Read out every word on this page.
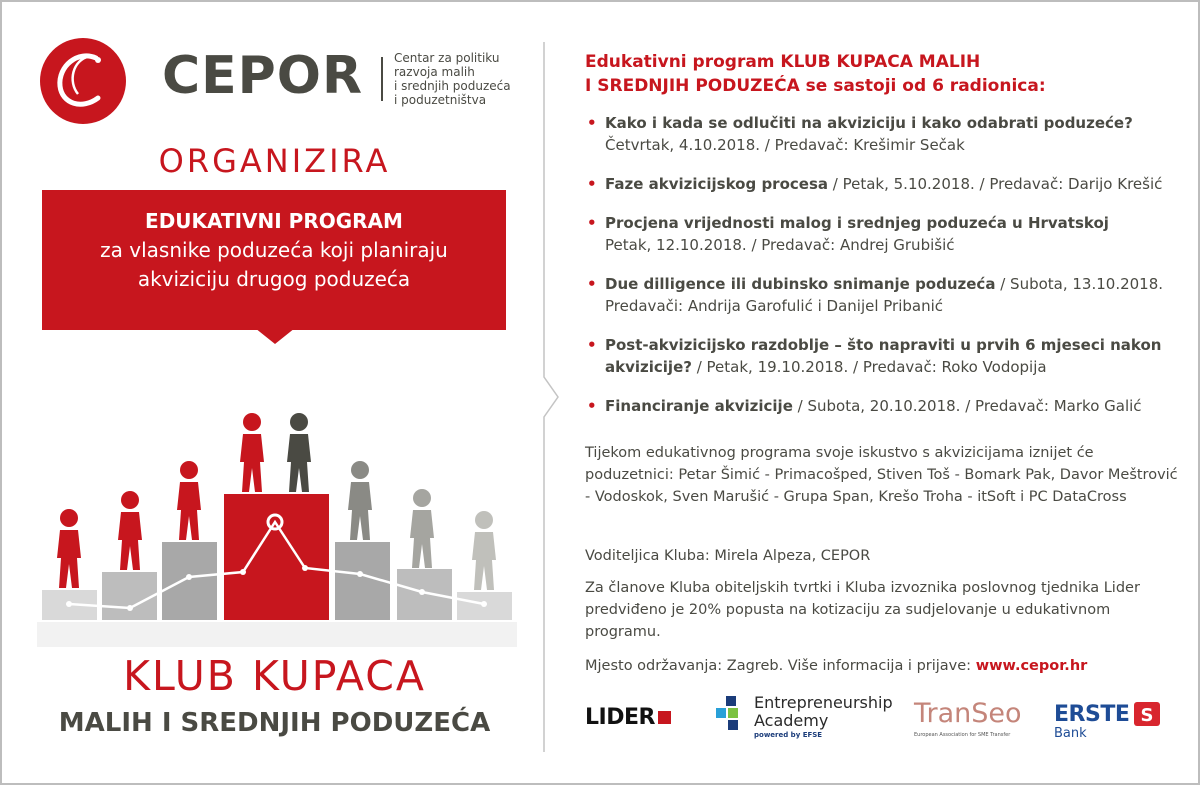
CEPOR	Centar za politiku
razvoja malih
i srednjih poduzeća
i poduzetništva
ORGANIZIRA
EDUKATIVNI PROGRAM
za vlasnike poduzeća koji planiraju
akviziciju drugog poduzeća
KLUB KUPACA
MALIH I SREDNJIH PODUZEĆA
Edukativni program KLUB KUPACA MALIH
I SREDNJIH PODUZEĆA se sastoji od 6 radionica:
• Kako i kada se odlučiti na akviziciju i kako odabrati poduzeće?
Četvrtak, 4.10.2018. / Predavač: Krešimir Sečak
• Faze akvizicijskog procesa / Petak, 5.10.2018. / Predavač: Darijo Krešić
• Procjena vrijednosti malog i srednjeg poduzeća u Hrvatskoj
Petak, 12.10.2018. / Predavač: Andrej Grubišić
• Due dilligence ili dubinsko snimanje poduzeća / Subota, 13.10.2018.
Predavači: Andrija Garofulić i Danijel Pribanić
• Post-akvizicijsko razdoblje – što napraviti u prvih 6 mjeseci nakon akvizicije? / Petak, 19.10.2018. / Predavač: Roko Vodopija
• Financiranje akvizicije / Subota, 20.10.2018. / Predavač: Marko Galić
Tijekom edukativnog programa svoje iskustvo s akvizicijama iznijet će poduzetnici: Petar Šimić - Primacošped, Stiven Toš - Bomark Pak, Davor Meštrović - Vodoskok, Sven Marušić - Grupa Span, Krešo Troha - itSoft i PC DataCross
Voditeljica Kluba: Mirela Alpeza, CEPOR
Za članove Kluba obiteljskih tvrtki i Kluba izvoznika poslovnog tjednika Lider predviđeno je 20% popusta na kotizaciju za sudjelovanje u edukativnom programu.
Mjesto održavanja: Zagreb. Više informacija i prijave: www.cepor.hr
LIDER
Entrepreneurship
Academy
powered by EFSE
TranSeo
European Association for SME Transfer
ERSTE
Bank
S
